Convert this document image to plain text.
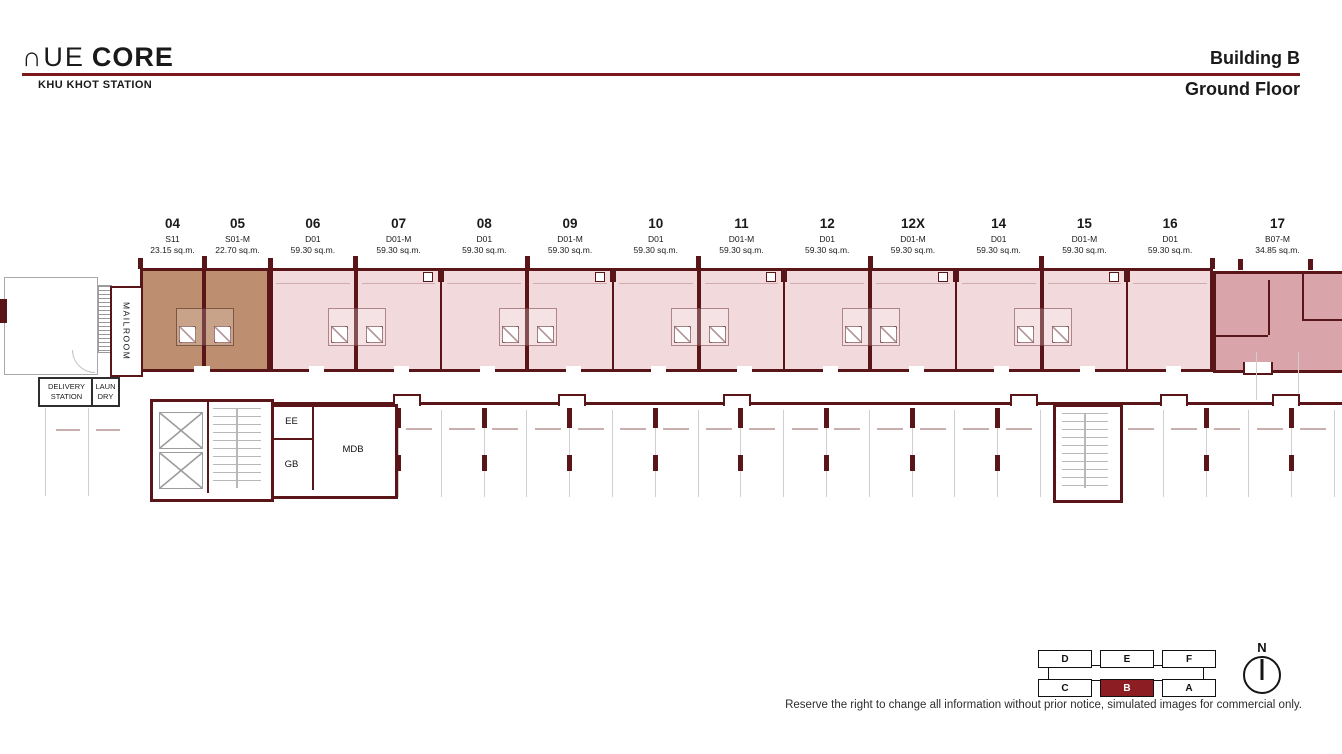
∩UE CORE
KHU KHOT STATION
Building B
Ground Floor
04
S11
23.15 sq.m.
05
S01-M
22.70 sq.m.
06
D01
59.30 sq.m.
07
D01-M
59.30 sq.m.
08
D01
59.30 sq.m.
09
D01-M
59.30 sq.m.
10
D01
59.30 sq.m.
11
D01-M
59.30 sq.m.
12
D01
59.30 sq.m.
12X
D01-M
59.30 sq.m.
14
D01
59.30 sq.m.
15
D01-M
59.30 sq.m.
16
D01
59.30 sq.m.
17
B07-M
34.85 sq.m.
MAILROOM
DELIVERY
STATION
LAUN
DRY
EE
GB
MDB
D	E	F
C	B	A
N
Reserve the right to change all information without prior notice, simulated images for commercial only.
